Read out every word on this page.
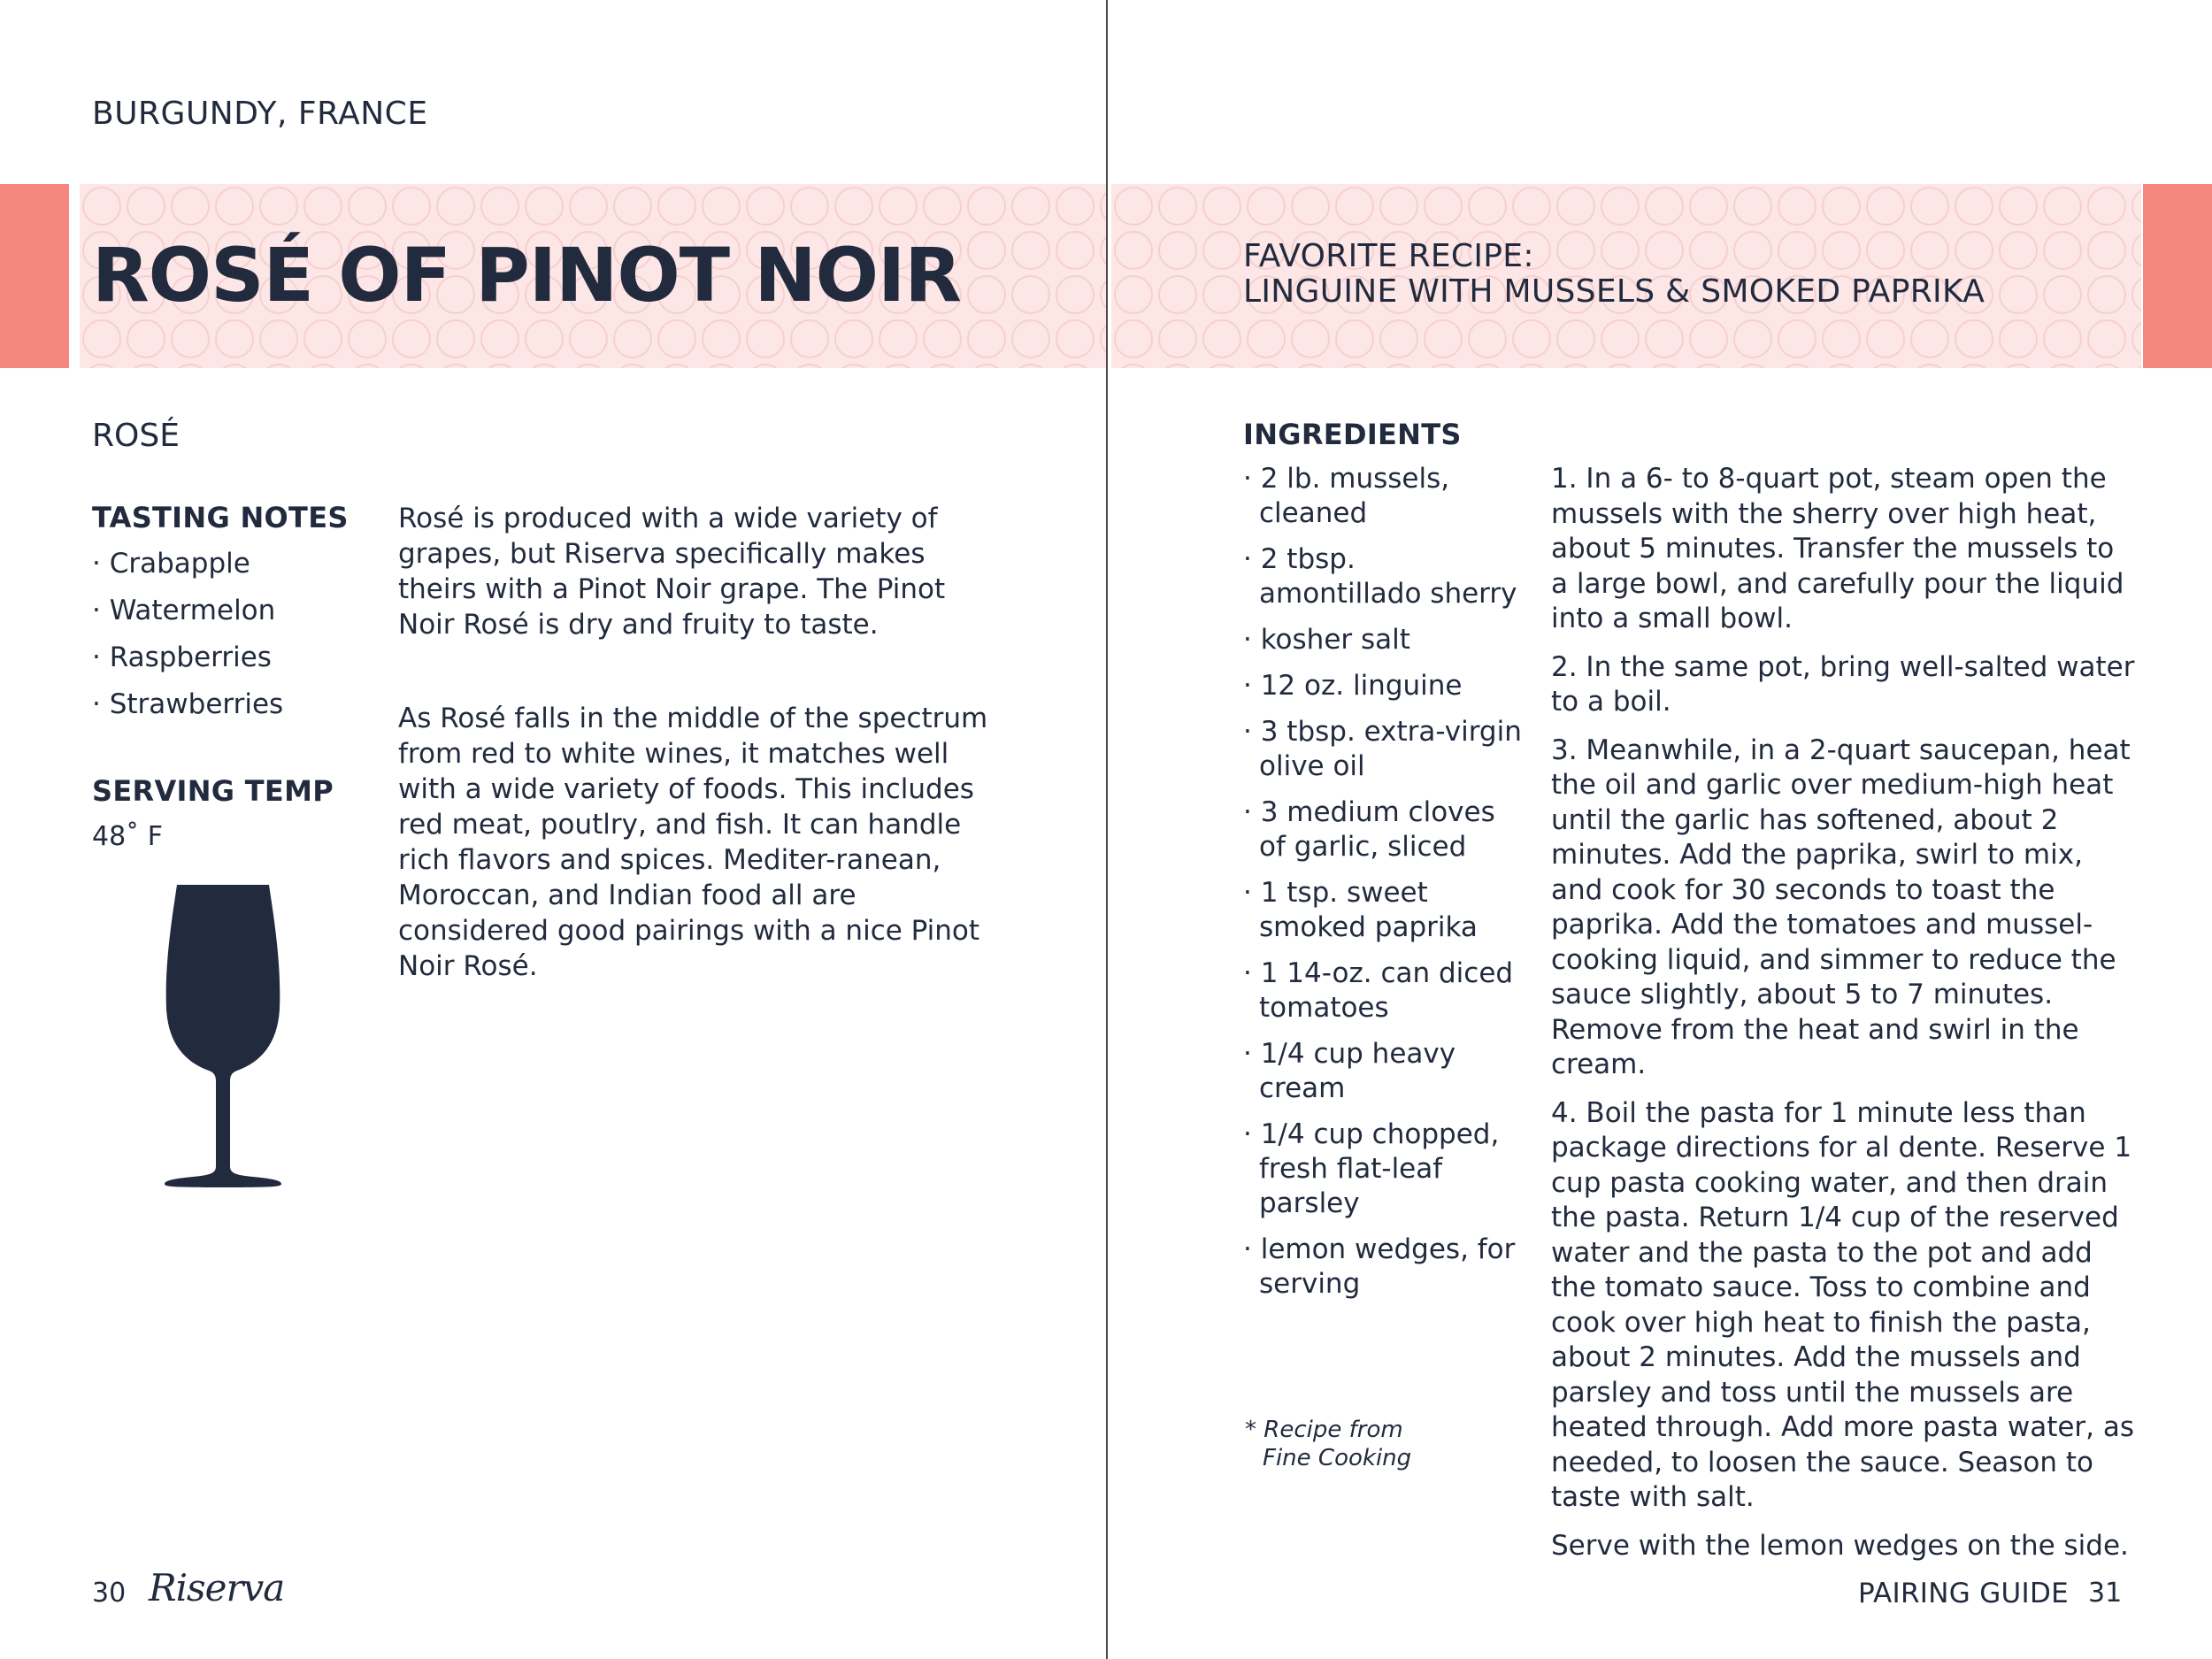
BURGUNDY, FRANCE
ROSÉ OF PINOT NOIR
ROSÉ
TASTING NOTES
· Crabapple
· Watermelon
· Raspberries
· Strawberries
SERVING TEMP
48˚ F

Rosé is produced with a wide variety of grapes, but Riserva specifically makes theirs with a Pinot Noir grape. The Pinot Noir Rosé is dry and fruity to taste.

As Rosé falls in the middle of the spectrum from red to white wines, it matches well with a wide variety of foods. This includes red meat, poutlry, and fish. It can handle rich flavors and spices. Mediter-ranean, Moroccan, and Indian food all are considered good pairings with a nice Pinot Noir Rosé.

30 Riserva
FAVORITE RECIPE:
LINGUINE WITH MUSSELS & SMOKED PAPRIKA
INGREDIENTS
· 2 lb. mussels, cleaned
· 2 tbsp. amontillado sherry
· kosher salt
· 12 oz. linguine
· 3 tbsp. extra-virgin olive oil
· 3 medium cloves of garlic, sliced
· 1 tsp. sweet smoked paprika
· 1 14-oz. can diced tomatoes
· 1/4 cup heavy cream
· 1/4 cup chopped, fresh flat-leaf parsley
· lemon wedges, for serving
* Recipe from
Fine Cooking
1. In a 6- to 8-quart pot, steam open the mussels with the sherry over high heat, about 5 minutes. Transfer the mussels to a large bowl, and carefully pour the liquid into a small bowl.
2. In the same pot, bring well-salted water to a boil.
3. Meanwhile, in a 2-quart saucepan, heat the oil and garlic over medium-high heat until the garlic has softened, about 2 minutes. Add the paprika, swirl to mix, and cook for 30 seconds to toast the paprika. Add the tomatoes and mussel-cooking liquid, and simmer to reduce the sauce slightly, about 5 to 7 minutes. Remove from the heat and swirl in the cream.
4. Boil the pasta for 1 minute less than package directions for al dente. Reserve 1 cup pasta cooking water, and then drain the pasta. Return 1/4 cup of the reserved water and the pasta to the pot and add the tomato sauce. Toss to combine and cook over high heat to finish the pasta, about 2 minutes. Add the mussels and parsley and toss until the mussels are heated through. Add more pasta water, as needed, to loosen the sauce. Season to taste with salt.
Serve with the lemon wedges on the side.
PAIRING GUIDE 31
